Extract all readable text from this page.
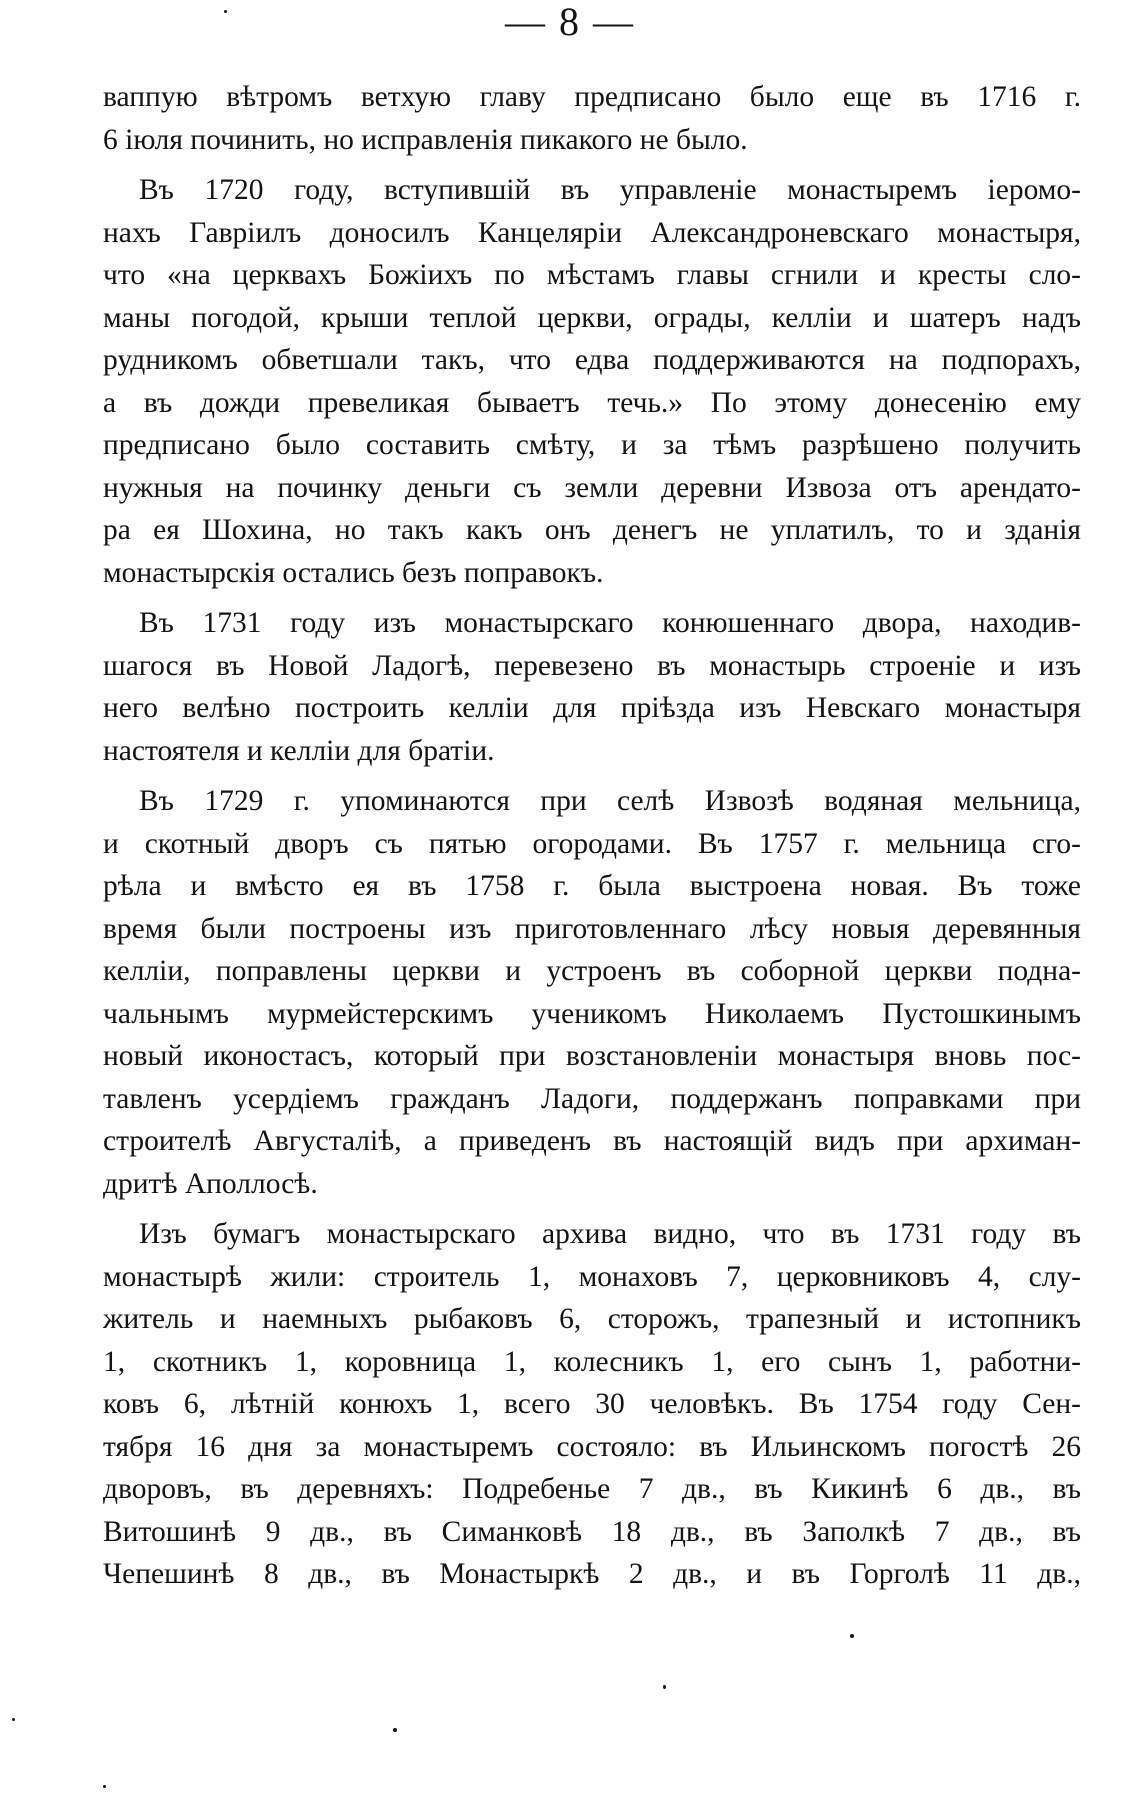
— 8 —
ваппую вѣтромъ ветхую главу предписано было еще въ 1716 г.
6 іюля починить, но исправленія пикакого не было.
Въ 1720 году, вступившій въ управленіе монастыремъ іеромо-
нахъ Гавріилъ доносилъ Канцеляріи Александроневскаго монастыря,
что «на церквахъ Божіихъ по мѣстамъ главы сгнили и кресты сло-
маны погодой, крыши теплой церкви, ограды, келліи и шатеръ надъ
рудникомъ обветшали такъ, что едва поддерживаются на подпорахъ,
а въ дожди превеликая бываетъ течь.» По этому донесенію ему
предписано было составить смѣту, и за тѣмъ разрѣшено получить
нужныя на починку деньги съ земли деревни Извоза отъ арендато-
ра ея Шохина, но такъ какъ онъ денегъ не уплатилъ, то и зданія
монастырскія остались безъ поправокъ.
Въ 1731 году изъ монастырскаго конюшеннаго двора, находив-
шагося въ Новой Ладогѣ, перевезено въ монастырь строеніе и изъ
него велѣно построить келліи для пріѣзда изъ Невскаго монастыря
настоятеля и келліи для братіи.
Въ 1729 г. упоминаются при селѣ Извозѣ водяная мельница,
и скотный дворъ съ пятью огородами. Въ 1757 г. мельница сго-
рѣла и вмѣсто ея въ 1758 г. была выстроена новая. Въ тоже
время были построены изъ приготовленнаго лѣсу новыя деревянныя
келліи, поправлены церкви и устроенъ въ соборной церкви подна-
чальнымъ мурмейстерскимъ ученикомъ Николаемъ Пустошкинымъ
новый иконостасъ, который при возстановленіи монастыря вновь пос-
тавленъ усердіемъ гражданъ Ладоги, поддержанъ поправками при
строителѣ Августаліѣ, а приведенъ въ настоящій видъ при архиман-
дритѣ Аполлосѣ.
Изъ бумагъ монастырскаго архива видно, что въ 1731 году въ
монастырѣ жили: строитель 1, монаховъ 7, церковниковъ 4, слу-
житель и наемныхъ рыбаковъ 6, сторожъ, трапезный и истопникъ
1, скотникъ 1, коровница 1, колесникъ 1, его сынъ 1, работни-
ковъ 6, лѣтній конюхъ 1, всего 30 человѣкъ. Въ 1754 году Сен-
тября 16 дня за монастыремъ состояло: въ Ильинскомъ погостѣ 26
дворовъ, въ деревняхъ: Подребенье 7 дв., въ Кикинѣ 6 дв., въ
Витошинѣ 9 дв., въ Симанковѣ 18 дв., въ Заполкѣ 7 дв., въ
Чепешинѣ 8 дв., въ Монастыркѣ 2 дв., и въ Горголѣ 11 дв.,
